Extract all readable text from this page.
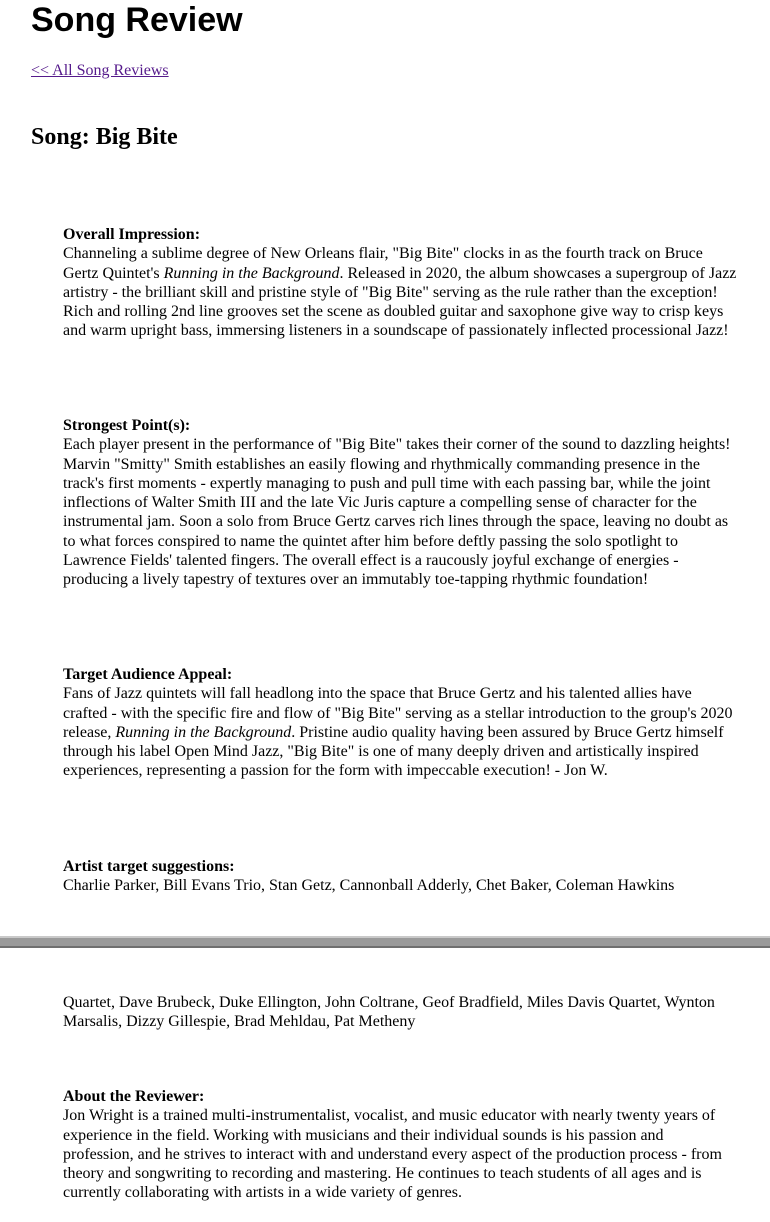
Song Review
<< All Song Reviews
Song: Big Bite
Overall Impression:
Channeling a sublime degree of New Orleans flair, "Big Bite" clocks in as the fourth track on Bruce Gertz Quintet's Running in the Background. Released in 2020, the album showcases a supergroup of Jazz artistry - the brilliant skill and pristine style of "Big Bite" serving as the rule rather than the exception! Rich and rolling 2nd line grooves set the scene as doubled guitar and saxophone give way to crisp keys and warm upright bass, immersing listeners in a soundscape of passionately inflected processional Jazz!
Strongest Point(s):
Each player present in the performance of "Big Bite" takes their corner of the sound to dazzling heights! Marvin "Smitty" Smith establishes an easily flowing and rhythmically commanding presence in the track's first moments - expertly managing to push and pull time with each passing bar, while the joint inflections of Walter Smith III and the late Vic Juris capture a compelling sense of character for the instrumental jam. Soon a solo from Bruce Gertz carves rich lines through the space, leaving no doubt as to what forces conspired to name the quintet after him before deftly passing the solo spotlight to Lawrence Fields' talented fingers. The overall effect is a raucously joyful exchange of energies - producing a lively tapestry of textures over an immutably toe-tapping rhythmic foundation!
Target Audience Appeal:
Fans of Jazz quintets will fall headlong into the space that Bruce Gertz and his talented allies have crafted - with the specific fire and flow of "Big Bite" serving as a stellar introduction to the group's 2020 release, Running in the Background. Pristine audio quality having been assured by Bruce Gertz himself through his label Open Mind Jazz, "Big Bite" is one of many deeply driven and artistically inspired experiences, representing a passion for the form with impeccable execution! - Jon W.
Artist target suggestions:
Charlie Parker, Bill Evans Trio, Stan Getz, Cannonball Adderly, Chet Baker, Coleman Hawkins
Quartet, Dave Brubeck, Duke Ellington, John Coltrane, Geof Bradfield, Miles Davis Quartet, Wynton Marsalis, Dizzy Gillespie, Brad Mehldau, Pat Metheny
About the Reviewer:
Jon Wright is a trained multi-instrumentalist, vocalist, and music educator with nearly twenty years of experience in the field. Working with musicians and their individual sounds is his passion and profession, and he strives to interact with and understand every aspect of the production process - from theory and songwriting to recording and mastering. He continues to teach students of all ages and is currently collaborating with artists in a wide variety of genres.
